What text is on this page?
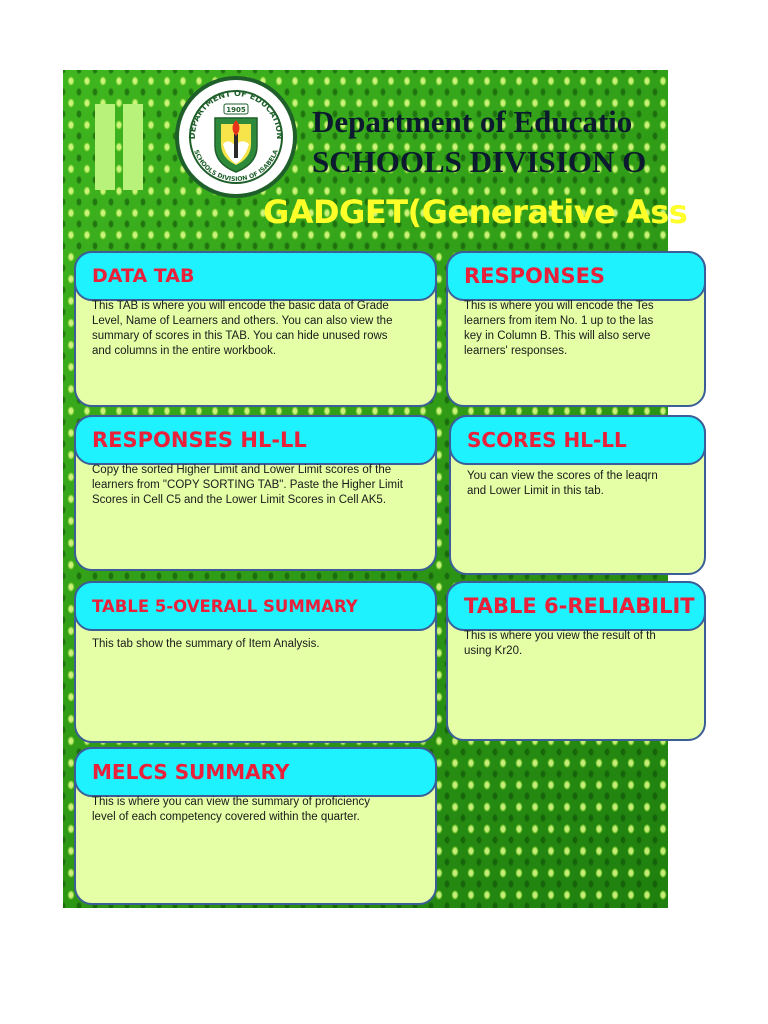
DEPARTMENT OF EDUCATION
SCHOOLS DIVISION OF ISABELA
1905 Department of Educatio
SCHOOLS DIVISION O
GADGET(Generative Ass
DATA TAB
This TAB is where you will encode the basic data of Grade
Level, Name of Learners and others. You can also view the
summary of scores in this TAB. You can hide unused rows
and columns in the entire workbook.
RESPONSES
This is where you will encode the Tes
learners from item No. 1 up to the las
key in Column B. This will also serve
learners' responses.
RESPONSES HL-LL
Copy the sorted Higher Limit and Lower Limit scores of the
learners from "COPY SORTING TAB". Paste the Higher Limit
Scores in Cell C5 and the Lower Limit Scores in Cell AK5.
SCORES HL-LL
You can view the scores of the leaqrn
and Lower Limit in this tab.
TABLE 5-OVERALL SUMMARY
This tab show the summary of Item Analysis.
TABLE 6-RELIABILIT
This is where you view the result of th
using Kr20.
MELCS SUMMARY
This is where you can view the summary of proficiency
level of each competency covered within the quarter.
